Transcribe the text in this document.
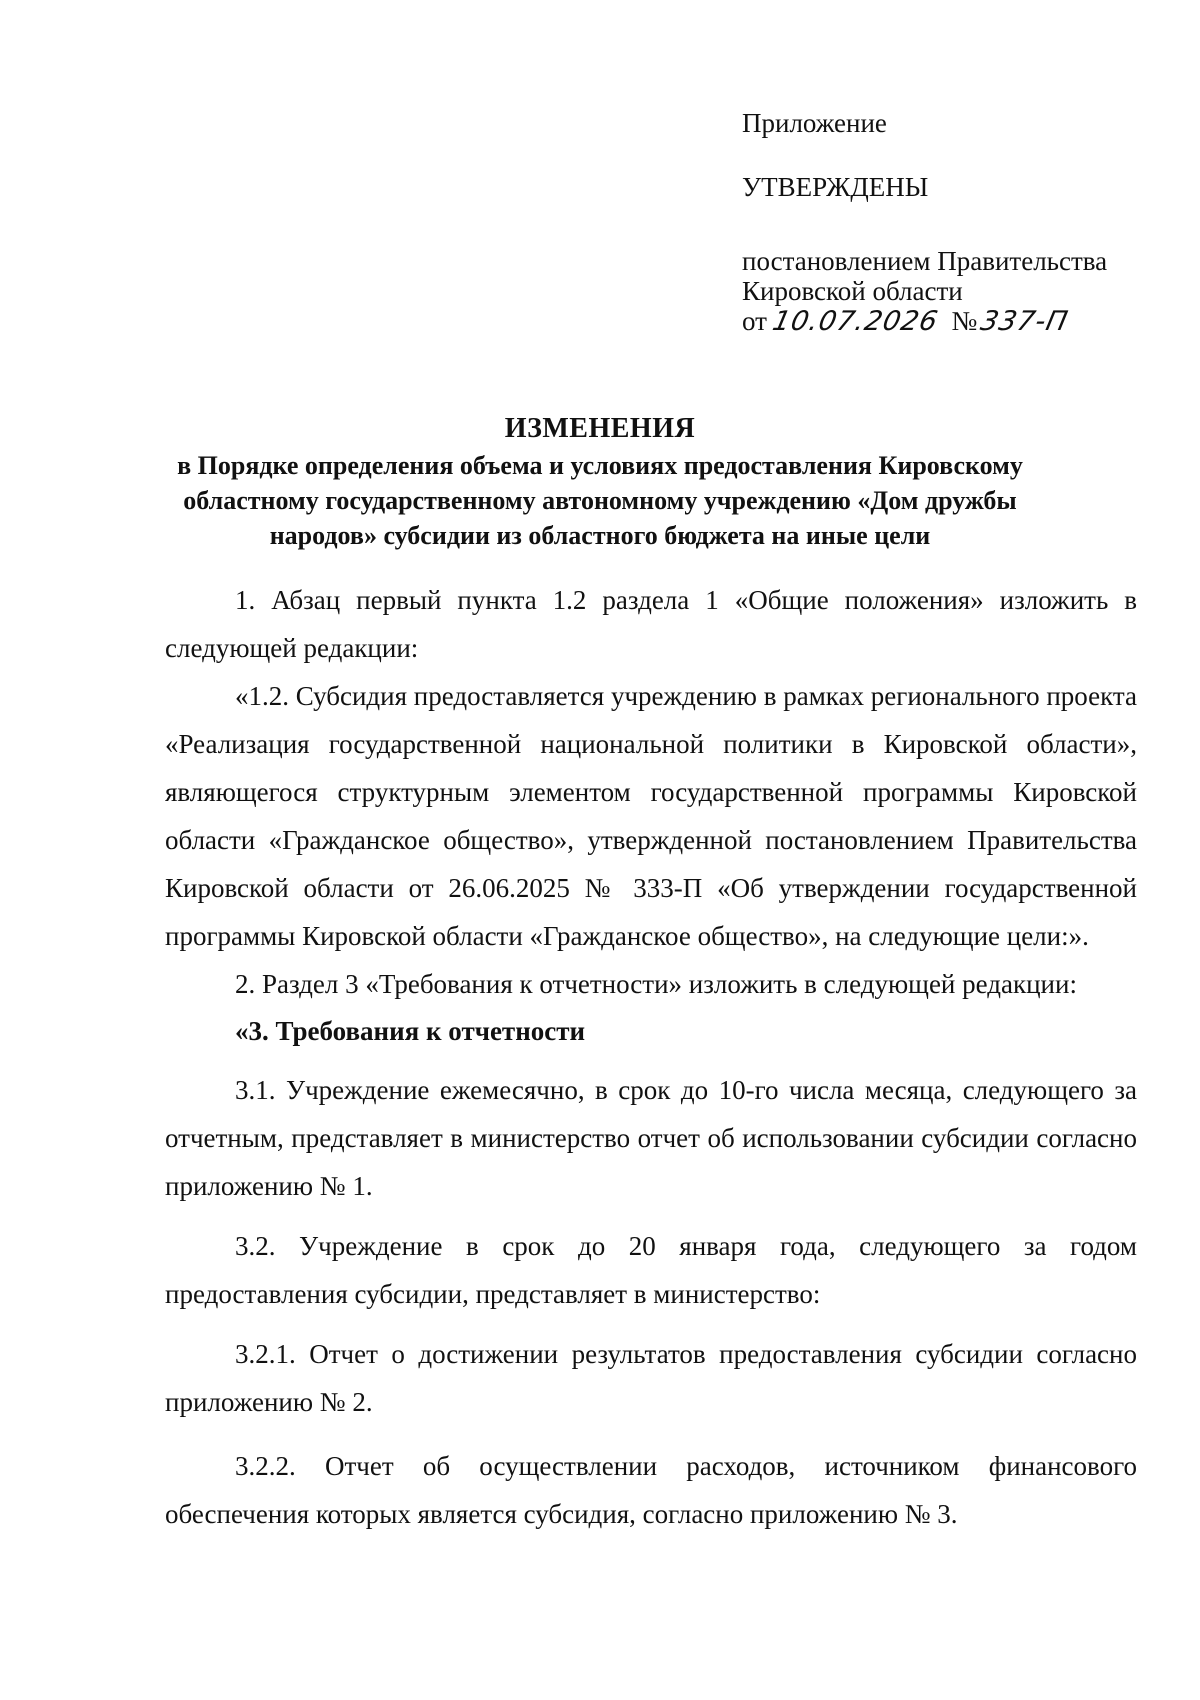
Приложение

УТВЕРЖДЕНЫ

постановлением Правительства
Кировской области
от 10.07.2026 №337-П

ИЗМЕНЕНИЯ
в Порядке определения объема и условиях предоставления Кировскому
областному государственному автономному учреждению «Дом дружбы
народов» субсидии из областного бюджета на иные цели

1. Абзац первый пункта 1.2 раздела 1 «Общие положения» изложить в следующей редакции:

«1.2. Субсидия предоставляется учреждению в рамках регионального проекта «Реализация государственной национальной политики в Кировской области», являющегося структурным элементом государственной программы Кировской области «Гражданское общество», утвержденной постановлением Правительства Кировской области от 26.06.2025 № 333-П «Об утверждении государственной программы Кировской области «Гражданское общество», на следующие цели:».

2. Раздел 3 «Требования к отчетности» изложить в следующей редакции:

«3. Требования к отчетности

3.1. Учреждение ежемесячно, в срок до 10-го числа месяца, следующего за отчетным, представляет в министерство отчет об использовании субсидии согласно приложению № 1.

3.2. Учреждение в срок до 20 января года, следующего за годом предоставления субсидии, представляет в министерство:

3.2.1. Отчет о достижении результатов предоставления субсидии согласно приложению № 2.

3.2.2. Отчет об осуществлении расходов, источником финансового обеспечения которых является субсидия, согласно приложению № 3.
